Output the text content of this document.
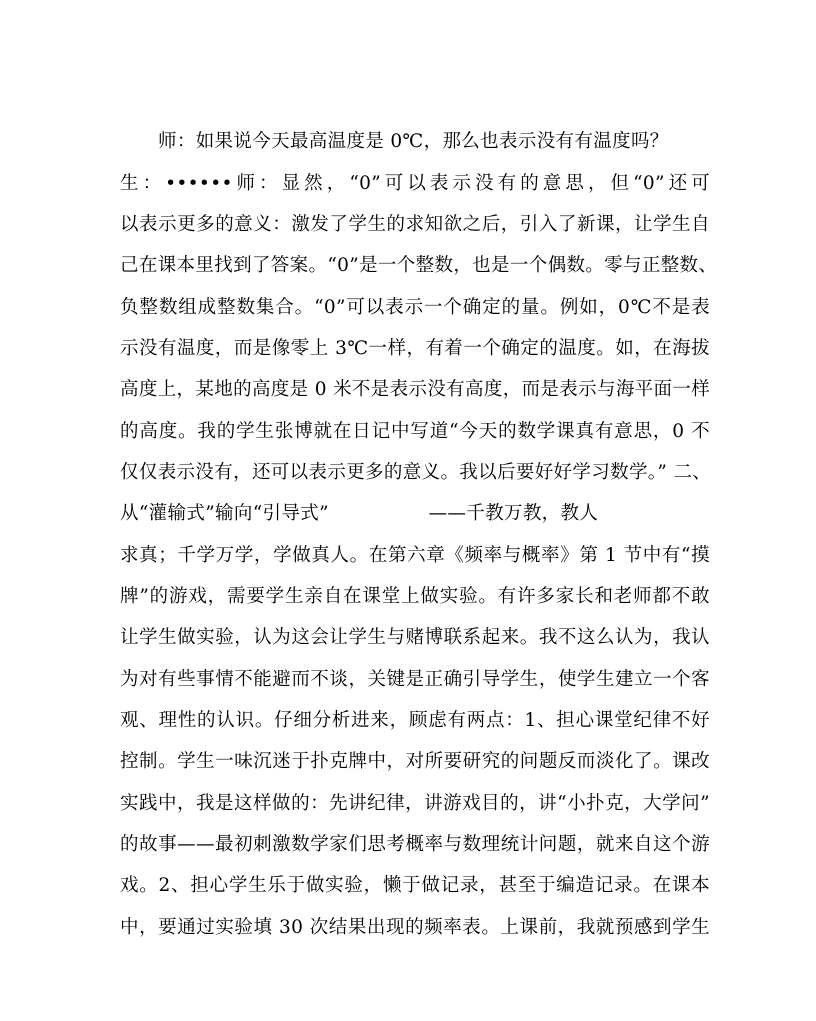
师：如果说今天最高温度是 0℃，那么也表示没有有温度吗？
生：••••••师：显然，“0”可以表示没有的意思，但“0”还可
以表示更多的意义：激发了学生的求知欲之后，引入了新课，让学生自
己在课本里找到了答案。“0”是一个整数，也是一个偶数。零与正整数、
负整数组成整数集合。“0”可以表示一个确定的量。例如，0℃不是表
示没有温度，而是像零上 3℃一样，有着一个确定的温度。如，在海拔
高度上，某地的高度是 0 米不是表示没有高度，而是表示与海平面一样
的高度。我的学生张博就在日记中写道“今天的数学课真有意思，0 不
仅仅表示没有，还可以表示更多的意义。我以后要好好学习数学。” 二、
从“灌输式”输向“引导式”                ——千教万教，教人
求真；千学万学，学做真人。在第六章《频率与概率》第 1 节中有“摸
牌”的游戏，需要学生亲自在课堂上做实验。有许多家长和老师都不敢
让学生做实验，认为这会让学生与赌博联系起来。我不这么认为，我认
为对有些事情不能避而不谈，关键是正确引导学生，使学生建立一个客
观、理性的认识。仔细分析进来，顾虑有两点：1、担心课堂纪律不好
控制。学生一味沉迷于扑克牌中，对所要研究的问题反而淡化了。课改
实践中，我是这样做的：先讲纪律，讲游戏目的，讲“小扑克，大学问”
的故事——最初刺激数学家们思考概率与数理统计问题，就来自这个游
戏。2、担心学生乐于做实验，懒于做记录，甚至于编造记录。在课本
中，要通过实验填 30 次结果出现的频率表。上课前，我就预感到学生
